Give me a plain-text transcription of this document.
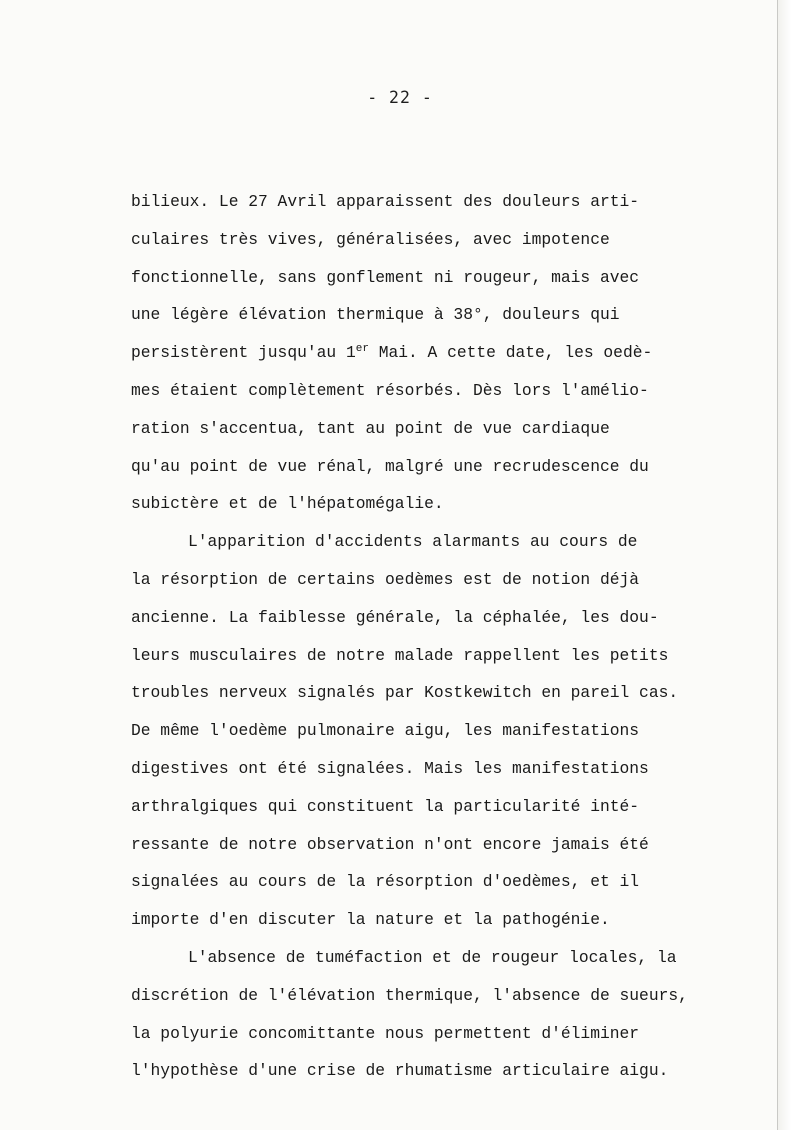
- 22 -
bilieux. Le 27 Avril apparaissent des douleurs arti-
culaires très vives, généralisées, avec impotence
fonctionnelle, sans gonflement ni rougeur, mais avec
une légère élévation thermique à 38°, douleurs qui
persistèrent jusqu'au 1er Mai. A cette date, les oedè-
mes étaient complètement résorbés. Dès lors l'amélio-
ration s'accentua, tant au point de vue cardiaque
qu'au point de vue rénal, malgré une recrudescence du
subictère et de l'hépatomégalie.
L'apparition d'accidents alarmants au cours de
la résorption de certains oedèmes est de notion déjà
ancienne. La faiblesse générale, la céphalée, les dou-
leurs musculaires de notre malade rappellent les petits
troubles nerveux signalés par Kostkewitch en pareil cas.
De même l'oedème pulmonaire aigu, les manifestations
digestives ont été signalées. Mais les manifestations
arthralgiques qui constituent la particularité inté-
ressante de notre observation n'ont encore jamais été
signalées au cours de la résorption d'oedèmes, et il
importe d'en discuter la nature et la pathogénie.
L'absence de tuméfaction et de rougeur locales, la
discrétion de l'élévation thermique, l'absence de sueurs,
la polyurie concomittante nous permettent d'éliminer
l'hypothèse d'une crise de rhumatisme articulaire aigu.
